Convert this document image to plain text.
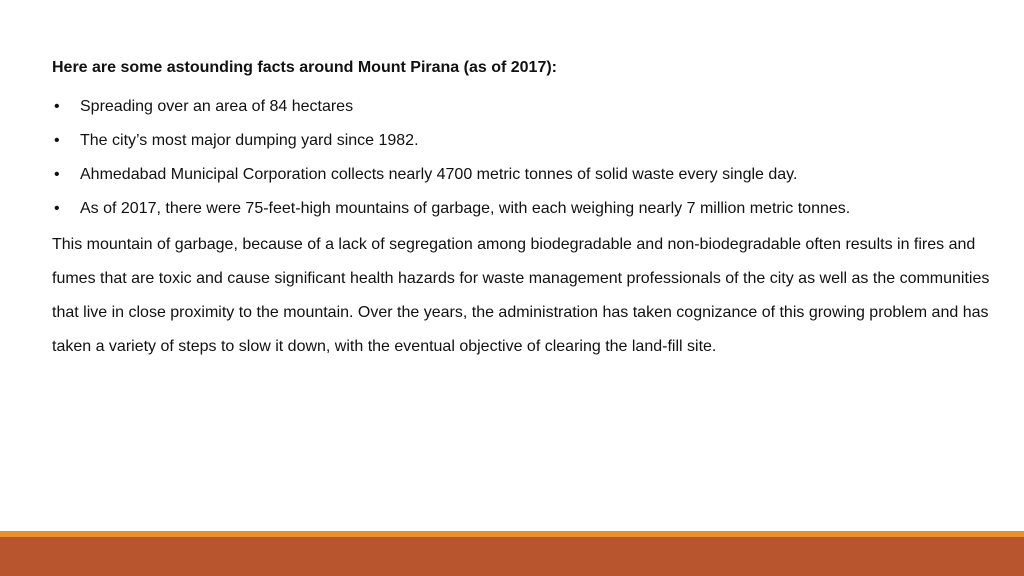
Here are some astounding facts around Mount Pirana (as of 2017):

• Spreading over an area of 84 hectares
• The city’s most major dumping yard since 1982.
• Ahmedabad Municipal Corporation collects nearly 4700 metric tonnes of solid waste every single day.
• As of 2017, there were 75-feet-high mountains of garbage, with each weighing nearly 7 million metric tonnes.

This mountain of garbage, because of a lack of segregation among biodegradable and non-biodegradable often results in fires and fumes that are toxic and cause significant health hazards for waste management professionals of the city as well as the communities that live in close proximity to the mountain. Over the years, the administration has taken cognizance of this growing problem and has taken a variety of steps to slow it down, with the eventual objective of clearing the land-fill site.
